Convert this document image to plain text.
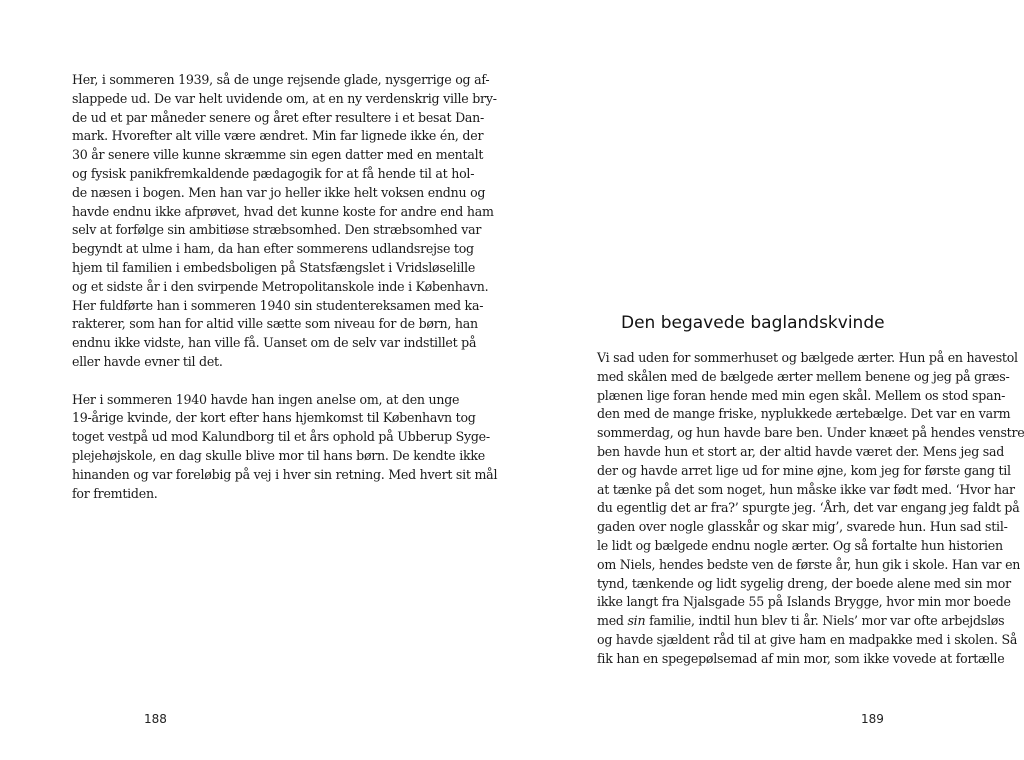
Her, i sommeren 1939, så de unge rejsende glade, nysgerrige og af-
slappede ud. De var helt uvidende om, at en ny verdenskrig ville bry-
de ud et par måneder senere og året efter resultere i et besat Dan-
mark. Hvorefter alt ville være ændret. Min far lignede ikke én, der
30 år senere ville kunne skræmme sin egen datter med en mentalt
og fysisk panikfremkaldende pædagogik for at få hende til at hol-
de næsen i bogen. Men han var jo heller ikke helt voksen endnu og
havde endnu ikke afprøvet, hvad det kunne koste for andre end ham
selv at forfølge sin ambitiøse stræbsomhed. Den stræbsomhed var
begyndt at ulme i ham, da han efter sommerens udlandsrejse tog
hjem til familien i embedsboligen på Statsfængslet i Vridsløselille
og et sidste år i den svirpende Metropolitanskole inde i København.
Her fuldførte han i sommeren 1940 sin studentereksamen med ka-
rakterer, som han for altid ville sætte som niveau for de børn, han
endnu ikke vidste, han ville få. Uanset om de selv var indstillet på
eller havde evner til det.
Her i sommeren 1940 havde han ingen anelse om, at den unge
19-årige kvinde, der kort efter hans hjemkomst til København tog
toget vestpå ud mod Kalundborg til et års ophold på Ubberup Syge-
plejehøjskole, en dag skulle blive mor til hans børn. De kendte ikke
hinanden og var foreløbig på vej i hver sin retning. Med hvert sit mål
for fremtiden.
188
Den begavede baglandskvinde
Vi sad uden for sommerhuset og bælgede ærter. Hun på en havestol
med skålen med de bælgede ærter mellem benene og jeg på græs-
plænen lige foran hende med min egen skål. Mellem os stod span-
den med de mange friske, nyplukkede ærtebælge. Det var en varm
sommerdag, og hun havde bare ben. Under knæet på hendes venstre
ben havde hun et stort ar, der altid havde været der. Mens jeg sad
der og havde arret lige ud for mine øjne, kom jeg for første gang til
at tænke på det som noget, hun måske ikke var født med. ‘Hvor har
du egentlig det ar fra?’ spurgte jeg. ‘Årh, det var engang jeg faldt på
gaden over nogle glasskår og skar mig’, svarede hun. Hun sad stil-
le lidt og bælgede endnu nogle ærter. Og så fortalte hun historien
om Niels, hendes bedste ven de første år, hun gik i skole. Han var en
tynd, tænkende og lidt sygelig dreng, der boede alene med sin mor
ikke langt fra Njalsgade 55 på Islands Brygge, hvor min mor boede
med sin familie, indtil hun blev ti år. Niels’ mor var ofte arbejdsløs
og havde sjældent råd til at give ham en madpakke med i skolen. Så
fik han en spegepølsemad af min mor, som ikke vovede at fortælle
189
